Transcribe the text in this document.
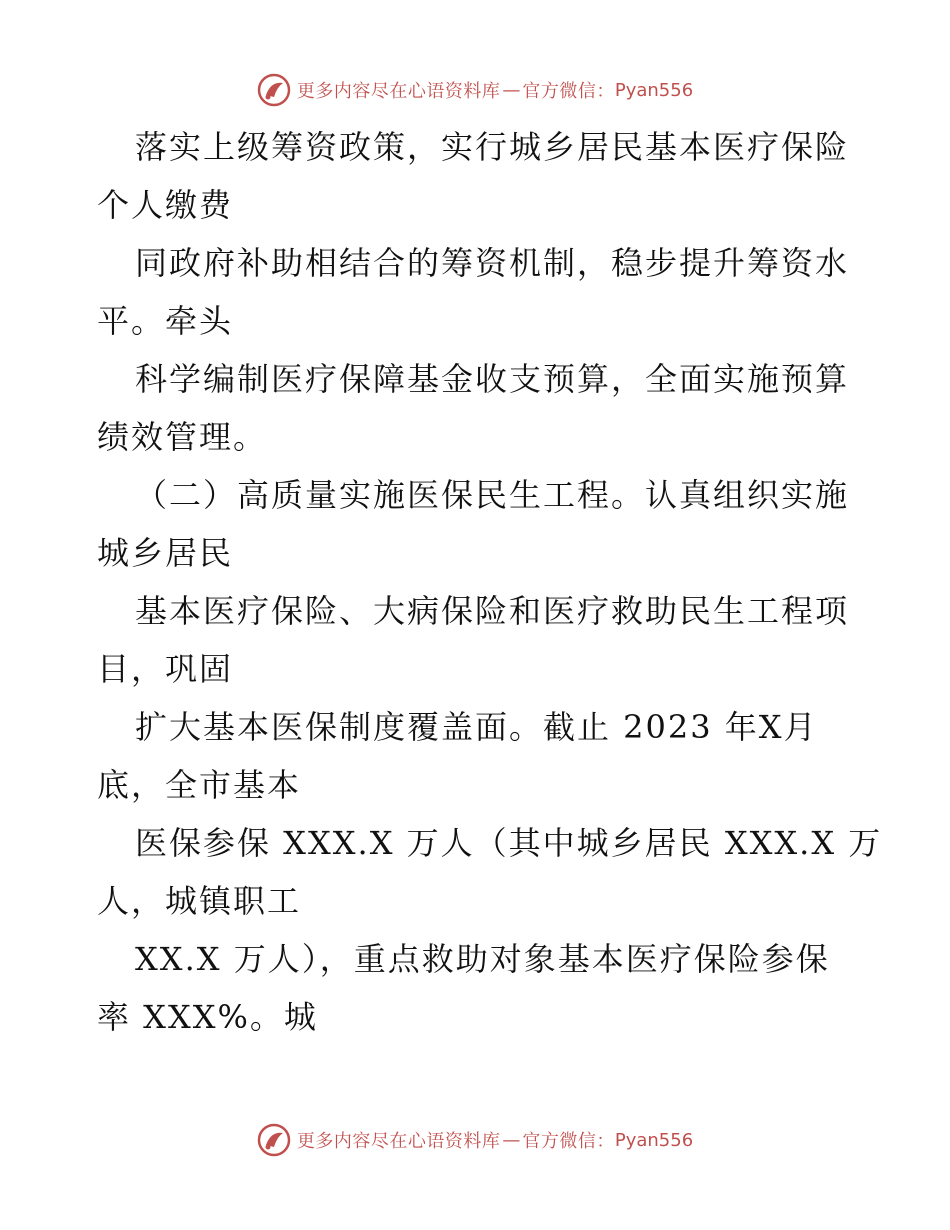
更多内容尽在心语资料库 — 官方微信： Pyan556

落实上级筹资政策，实行城乡居民基本医疗保险

个人缴费

同政府补助相结合的筹资机制，稳步提升筹资水

平。牵头

科学编制医疗保障基金收支预算，全面实施预算

绩效管理。

（二）高质量实施医保民生工程。认真组织实施

城乡居民

基本医疗保险、大病保险和医疗救助民生工程项

目，巩固

扩大基本医保制度覆盖面。截止 2023 年X月

底，全市基本

医保参保 XXX.X 万人（其中城乡居民 XXX.X 万

人，城镇职工

XX.X 万人），重点救助对象基本医疗保险参保

率 XXX%。城

更多内容尽在心语资料库 — 官方微信： Pyan556
